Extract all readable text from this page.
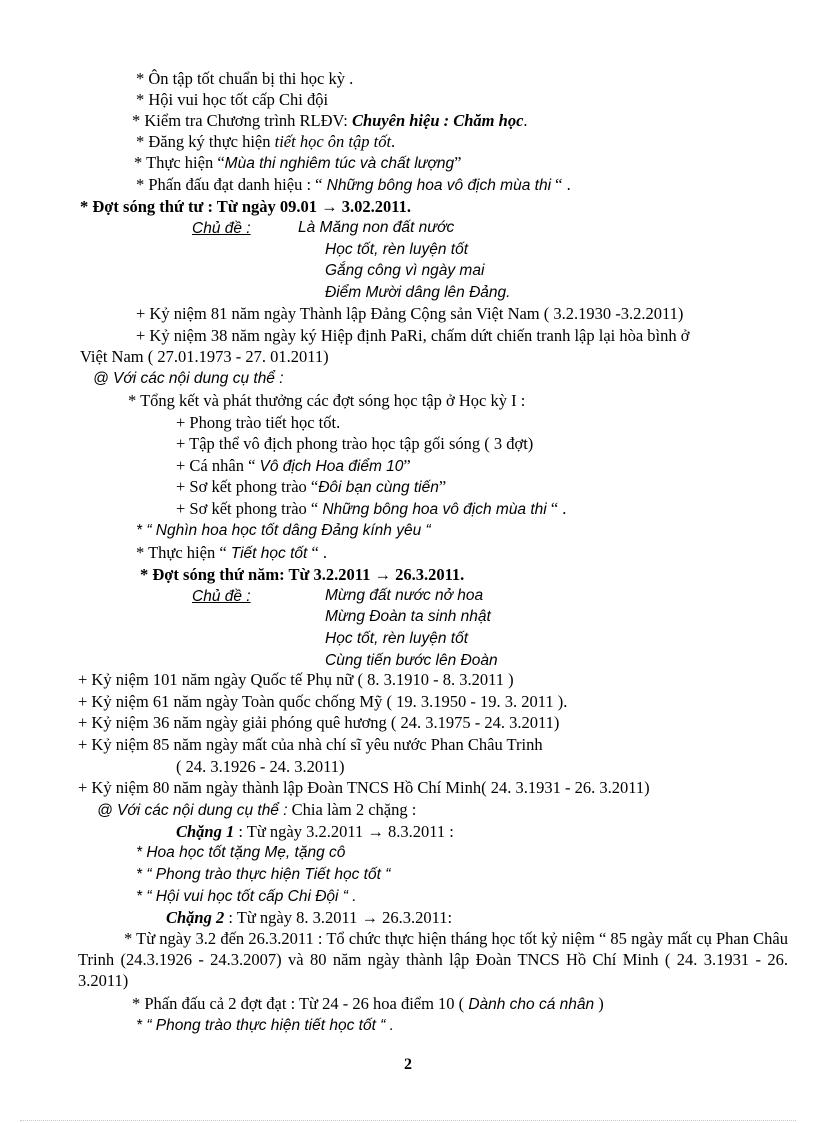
* Ôn tập tốt chuẩn bị thi học kỳ .
* Hội vui học tốt cấp Chi đội
* Kiểm tra Chương trình RLĐV: Chuyên hiệu : Chăm học.
* Đăng ký thực hiện tiết học ôn tập tốt.
* Thực hiện “Mùa thi nghiêm túc và chất lượng”
* Phấn đấu đạt danh hiệu : “ Những bông hoa vô địch mùa thi “ .
* Đợt sóng thứ tư : Từ ngày 09.01 → 3.02.2011.
Chủ đề :	Là Măng non đất nước
Học tốt, rèn luyện tốt
Gắng công vì ngày mai
Điểm Mười dâng lên Đảng.
+ Kỷ niệm 81 năm ngày Thành lập Đảng Cộng sản Việt Nam ( 3.2.1930 -3.2.2011)
+ Kỷ niệm 38 năm ngày ký Hiệp định PaRi, chấm dứt chiến tranh lập lại hòa bình ở
Việt Nam ( 27.01.1973 - 27. 01.2011)
@ Với các nội dung cụ thể :
* Tổng kết và phát thưởng các đợt sóng học tập ở Học kỳ I :
+ Phong trào tiết học tốt.
+ Tập thể vô địch phong trào học tập gối sóng ( 3 đợt)
+ Cá nhân “ Vô địch Hoa điểm 10”
+ Sơ kết phong trào “Đôi bạn cùng tiến”
+ Sơ kết phong trào “ Những bông hoa vô địch mùa thi “ .
* “ Nghìn hoa học tốt dâng Đảng kính yêu “
* Thực hiện “ Tiết học tốt “ .
* Đợt sóng thứ năm: Từ 3.2.2011 → 26.3.2011.
Chủ đề :	Mừng đất nước nở hoa
Mừng Đoàn ta sinh nhật
Học tốt, rèn luyện tốt
Cùng tiến bước lên Đoàn
+ Kỷ niệm 101 năm ngày Quốc tế Phụ nữ ( 8. 3.1910 - 8. 3.2011 )
+ Kỷ niệm 61 năm ngày Toàn quốc chống Mỹ ( 19. 3.1950 - 19. 3. 2011 ).
+ Kỷ niệm 36 năm ngày giải phóng quê hương ( 24. 3.1975 - 24. 3.2011)
+ Kỷ niệm 85 năm ngày mất của nhà chí sĩ yêu nước Phan Châu Trinh
( 24. 3.1926 - 24. 3.2011)
+ Kỷ niệm 80 năm ngày thành lập Đoàn TNCS Hồ Chí Minh( 24. 3.1931 - 26. 3.2011)
@ Với các nội dung cụ thể : Chia làm 2 chặng :
Chặng 1 : Từ ngày 3.2.2011 → 8.3.2011 :
* Hoa học tốt tặng Mẹ, tặng cô
* “ Phong trào thực hiện Tiết học tốt “
* “ Hội vui học tốt cấp Chi Đội “ .
Chặng 2 : Từ ngày 8. 3.2011 → 26.3.2011:
* Từ ngày 3.2 đến 26.3.2011 : Tổ chức thực hiện tháng học tốt kỷ niệm “ 85 ngày mất cụ Phan Châu Trinh (24.3.1926 - 24.3.2007) và 80 năm ngày thành lập Đoàn TNCS Hồ Chí Minh ( 24. 3.1931 - 26. 3.2011)
* Phấn đấu cả 2 đợt đạt : Từ 24 - 26 hoa điểm 10 ( Dành cho cá nhân )
* “ Phong trào thực hiện tiết học tốt “ .
2
